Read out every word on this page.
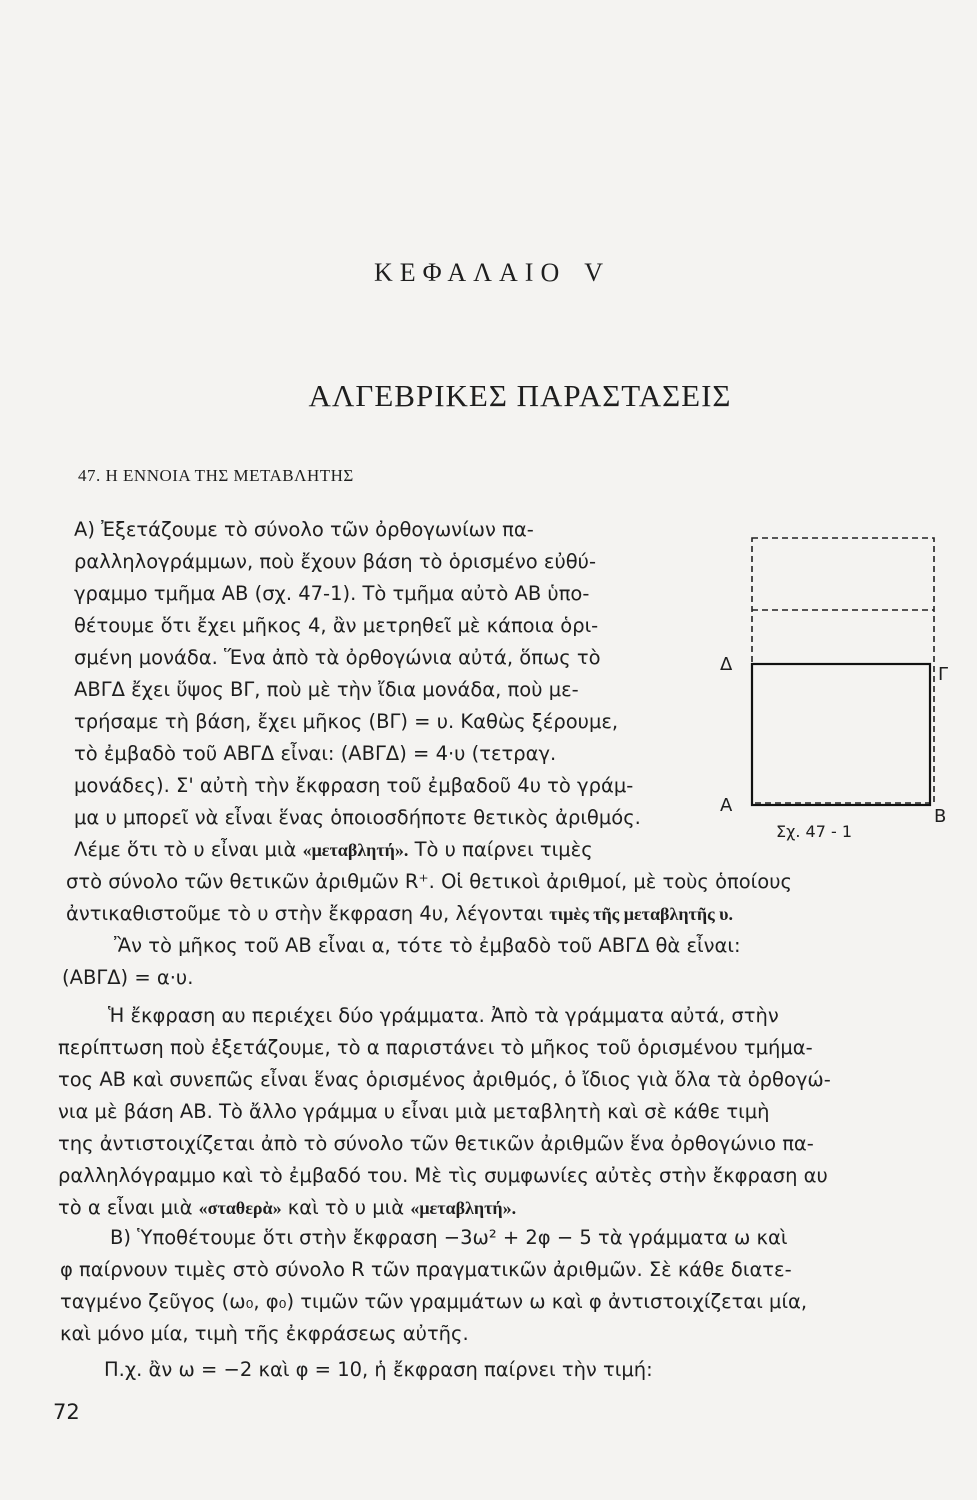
ΚΕΦΑΛΑΙΟ V
ΑΛΓΕΒΡΙΚΕΣ ΠΑΡΑΣΤΑΣΕΙΣ
47. Η ΕΝΝΟΙΑ ΤΗΣ ΜΕΤΑΒΛΗΤΗΣ

Α) Ἐξετάζουμε τὸ σύνολο τῶν ὀρθογωνίων πα-
ραλληλογράμμων, ποὺ ἔχουν βάση τὸ ὁρισμένο εὐθύ-
γραμμο τμῆμα ΑΒ (σχ. 47-1). Τὸ τμῆμα αὐτὸ ΑΒ ὑπο-
θέτουμε ὅτι ἔχει μῆκος 4, ἂν μετρηθεῖ μὲ κάποια ὁρι-
σμένη μονάδα. Ἕνα ἀπὸ τὰ ὀρθογώνια αὐτά, ὅπως τὸ
ΑΒΓΔ ἔχει ὕψος ΒΓ, ποὺ μὲ τὴν ἴδια μονάδα, ποὺ με-
τρήσαμε τὴ βάση, ἔχει μῆκος (ΒΓ) = υ. Καθὼς ξέρουμε,
τὸ ἐμβαδὸ τοῦ ΑΒΓΔ εἶναι: (ΑΒΓΔ) = 4·υ (τετραγ.
μονάδες). Σ' αὐτὴ τὴν ἔκφραση τοῦ ἐμβαδοῦ 4υ τὸ γράμ-
μα υ μπορεῖ νὰ εἶναι ἕνας ὁποιοσδήποτε θετικὸς ἀριθμός.
Λέμε ὅτι τὸ υ εἶναι μιὰ «μεταβλητή». Τὸ υ παίρνει τιμὲς

στὸ σύνολο τῶν θετικῶν ἀριθμῶν R⁺. Οἱ θετικοὶ ἀριθμοί, μὲ τοὺς ὁποίους
ἀντικαθιστοῦμε τὸ υ στὴν ἔκφραση 4υ, λέγονται τιμὲς τῆς μεταβλητῆς υ.

Ἂν τὸ μῆκος τοῦ ΑΒ εἶναι α, τότε τὸ ἐμβαδὸ τοῦ ΑΒΓΔ θὰ εἶναι:
(ΑΒΓΔ) = α·υ.

Ἡ ἔκφραση αυ περιέχει δύο γράμματα. Ἀπὸ τὰ γράμματα αὐτά, στὴν
περίπτωση ποὺ ἐξετάζουμε, τὸ α παριστάνει τὸ μῆκος τοῦ ὁρισμένου τμήμα-
τος ΑΒ καὶ συνεπῶς εἶναι ἕνας ὁρισμένος ἀριθμός, ὁ ἴδιος γιὰ ὅλα τὰ ὀρθογώ-
νια μὲ βάση ΑΒ. Τὸ ἄλλο γράμμα υ εἶναι μιὰ μεταβλητὴ καὶ σὲ κάθε τιμὴ
της ἀντιστοιχίζεται ἀπὸ τὸ σύνολο τῶν θετικῶν ἀριθμῶν ἕνα ὀρθογώνιο πα-
ραλληλόγραμμο καὶ τὸ ἐμβαδό του. Μὲ τὶς συμφωνίες αὐτὲς στὴν ἔκφραση αυ
τὸ α εἶναι μιὰ «σταθερὰ» καὶ τὸ υ μιὰ «μεταβλητή».

Β) Ὑποθέτουμε ὅτι στὴν ἔκφραση −3ω² + 2φ − 5 τὰ γράμματα ω καὶ
φ παίρνουν τιμὲς στὸ σύνολο R τῶν πραγματικῶν ἀριθμῶν. Σὲ κάθε διατε-
ταγμένο ζεῦγος (ω₀, φ₀) τιμῶν τῶν γραμμάτων ω καὶ φ ἀντιστοιχίζεται μία,
καὶ μόνο μία, τιμὴ τῆς ἐκφράσεως αὐτῆς.

Π.χ. ἂν ω = −2 καὶ φ = 10, ἡ ἔκφραση παίρνει τὴν τιμή:

Δ	Γ
Α
Β
Σχ. 47 - 1
72
